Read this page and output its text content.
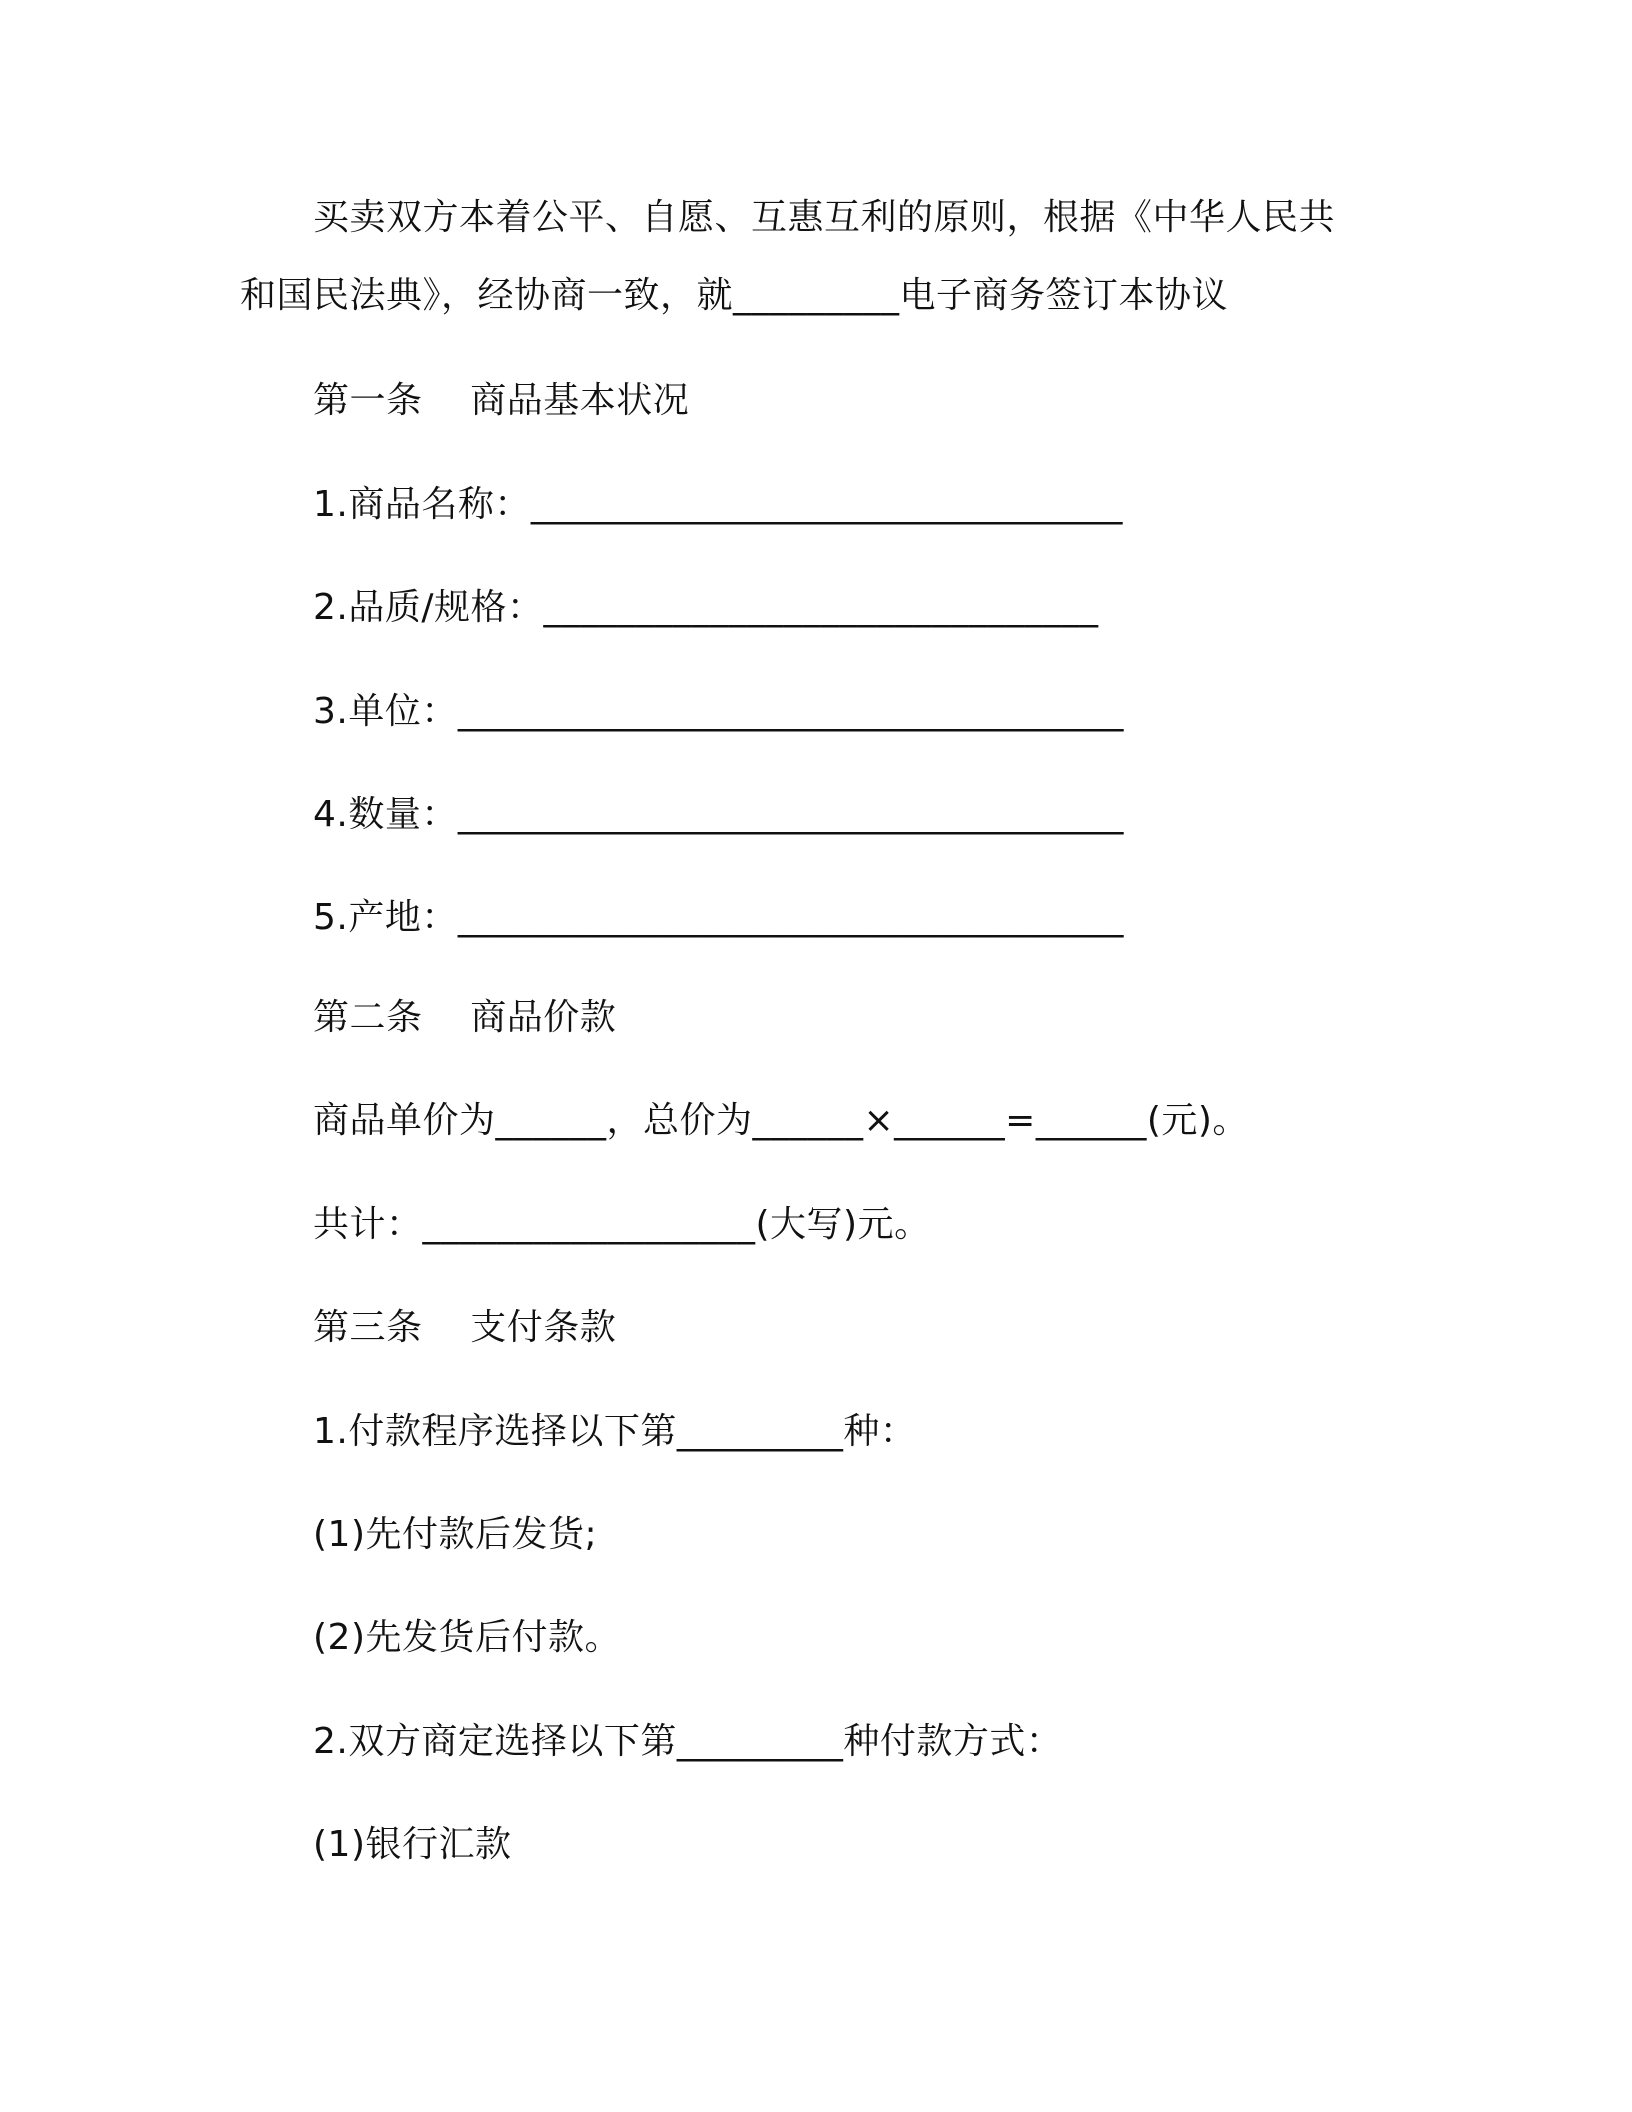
买卖双方本着公平、自愿、互惠互利的原则，根据《中华人民共
和国民法典》，经协商一致，就_________电子商务签订本协议
第一条    商品基本状况
1.商品名称：________________________________
2.品质/规格：______________________________
3.单位：____________________________________
4.数量：____________________________________
5.产地：____________________________________
第二条    商品价款
商品单价为______，总价为______×______=______(元)。
共计：__________________(大写)元。
第三条    支付条款
1.付款程序选择以下第_________种：
(1)先付款后发货;
(2)先发货后付款。
2.双方商定选择以下第_________种付款方式：
(1)银行汇款
